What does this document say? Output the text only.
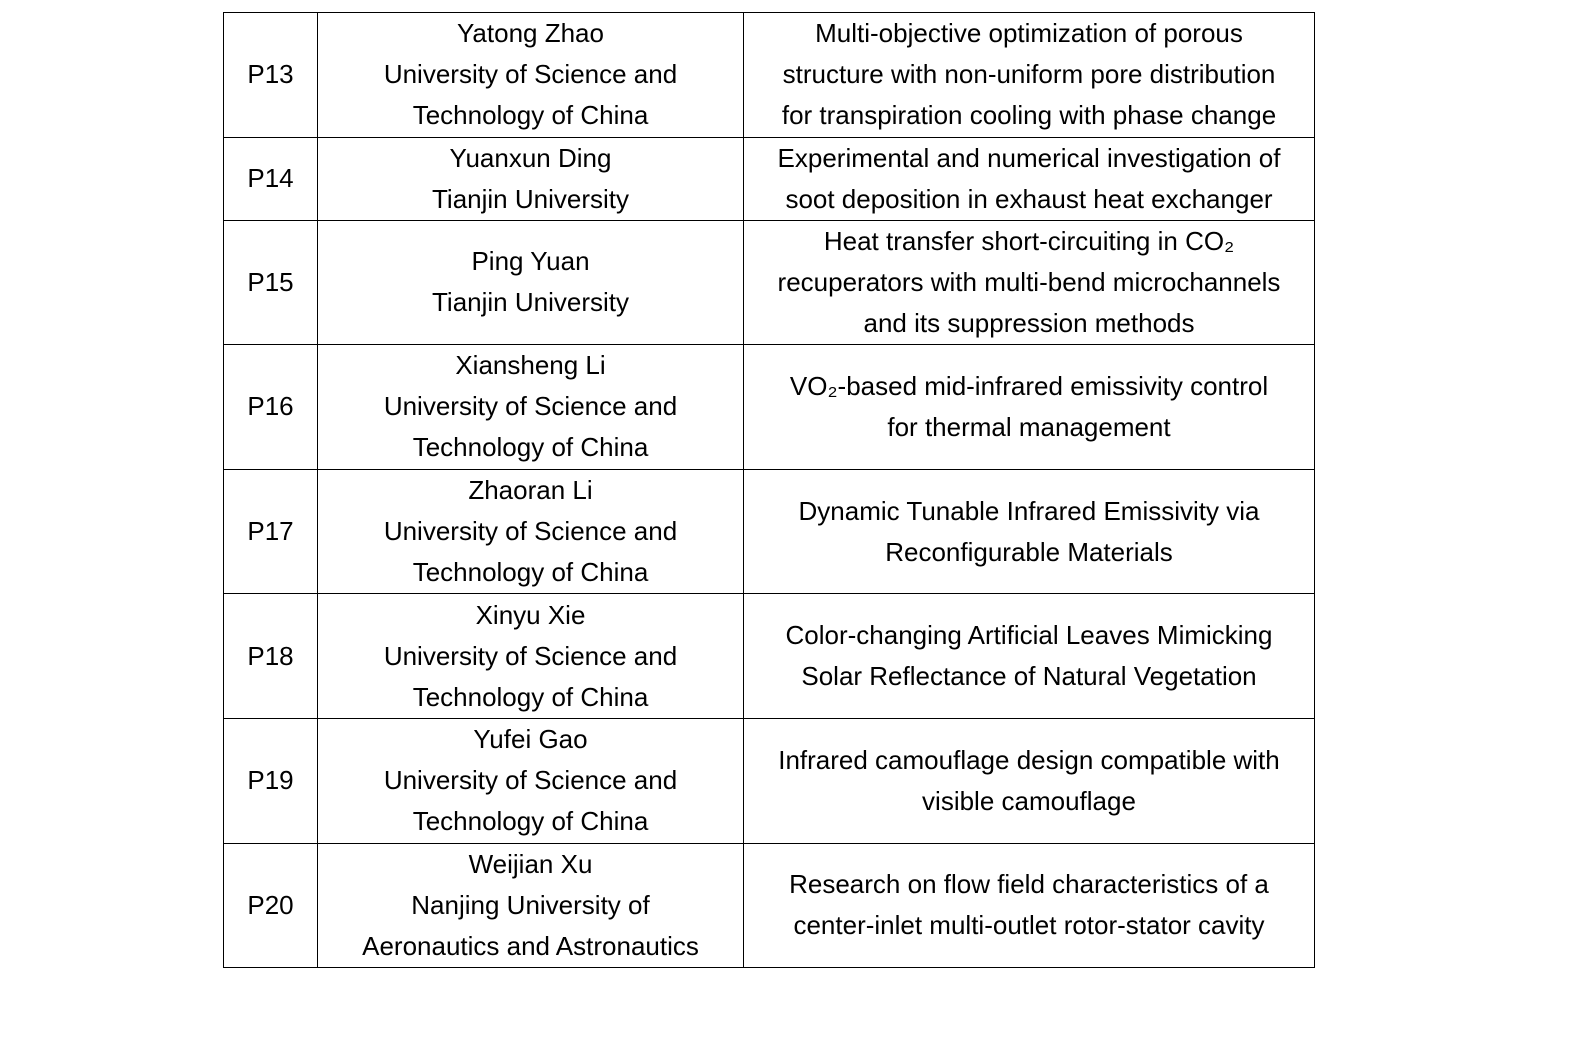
P13	Yatong Zhao
University of Science and
Technology of China	Multi-objective optimization of porous
structure with non-uniform pore distribution
for transpiration cooling with phase change

P14	Yuanxun Ding
Tianjin University	Experimental and numerical investigation of
soot deposition in exhaust heat exchanger

P15	Ping Yuan
Tianjin University	Heat transfer short-circuiting in CO₂
recuperators with multi-bend microchannels
and its suppression methods

P16	Xiansheng Li
University of Science and
Technology of China	VO₂-based mid-infrared emissivity control
for thermal management

P17	Zhaoran Li
University of Science and
Technology of China	Dynamic Tunable Infrared Emissivity via
Reconfigurable Materials

P18	Xinyu Xie
University of Science and
Technology of China	Color-changing Artificial Leaves Mimicking
Solar Reflectance of Natural Vegetation

P19	Yufei Gao
University of Science and
Technology of China	Infrared camouflage design compatible with
visible camouflage

P20	Weijian Xu
Nanjing University of
Aeronautics and Astronautics	Research on flow field characteristics of a
center-inlet multi-outlet rotor-stator cavity
